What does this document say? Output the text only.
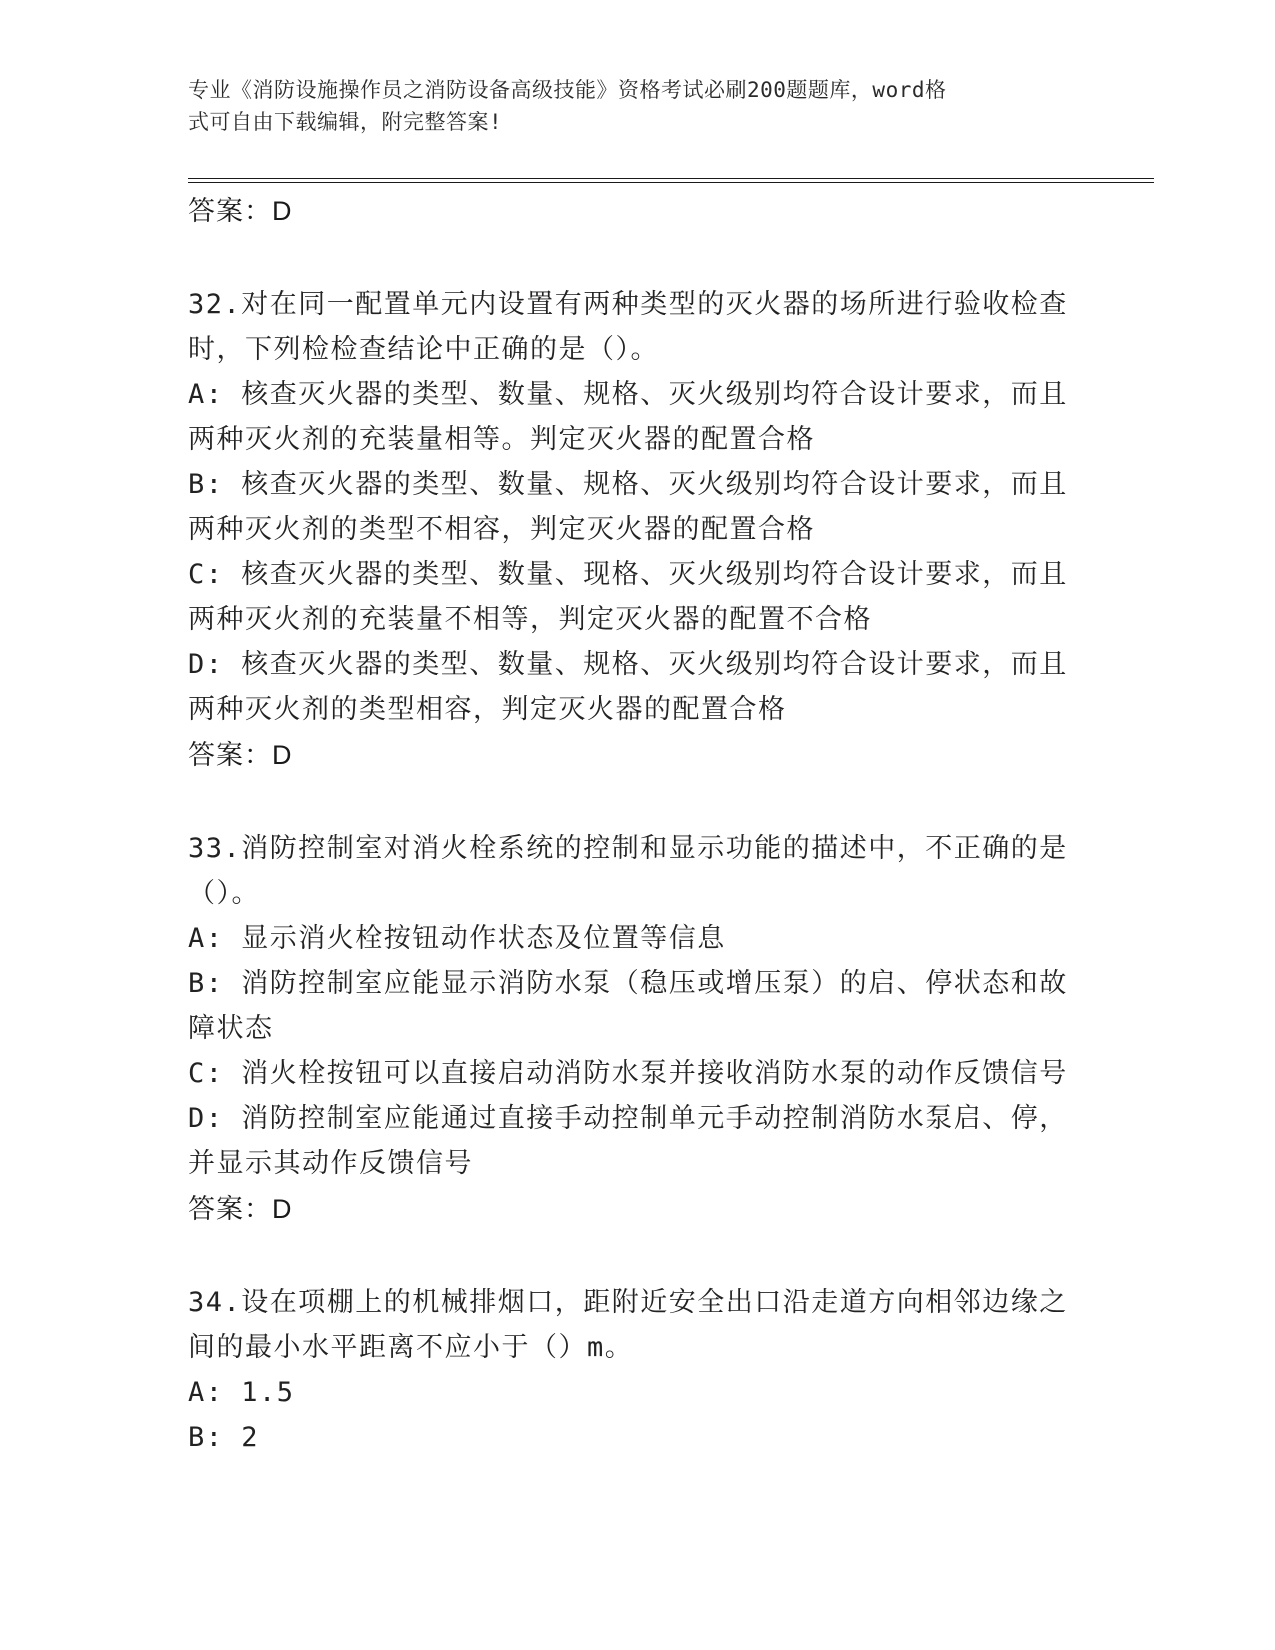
专业《消防设施操作员之消防设备高级技能》资格考试必刷200题题库，word格
式可自由下载编辑，附完整答案!

答案：D

32.对在同一配置单元内设置有两种类型的灭火器的场所进行验收检查
时，下列检检查结论中正确的是（）。

A: 核查灭火器的类型、数量、规格、灭火级别均符合设计要求，而且
两种灭火剂的充装量相等。判定灭火器的配置合格

B: 核查灭火器的类型、数量、规格、灭火级别均符合设计要求，而且
两种灭火剂的类型不相容，判定灭火器的配置合格

C: 核查灭火器的类型、数量、现格、灭火级别均符合设计要求，而且
两种灭火剂的充装量不相等，判定灭火器的配置不合格

D: 核查灭火器的类型、数量、规格、灭火级别均符合设计要求，而且
两种灭火剂的类型相容，判定灭火器的配置合格

答案：D

33.消防控制室对消火栓系统的控制和显示功能的描述中，不正确的是
（）。

A: 显示消火栓按钮动作状态及位置等信息

B: 消防控制室应能显示消防水泵（稳压或增压泵）的启、停状态和故
障状态

C: 消火栓按钮可以直接启动消防水泵并接收消防水泵的动作反馈信号

D: 消防控制室应能通过直接手动控制单元手动控制消防水泵启、停，
并显示其动作反馈信号

答案：D

34.设在项棚上的机械排烟口，距附近安全出口沿走道方向相邻边缘之
间的最小水平距离不应小于（）m。

A: 1.5

B: 2
